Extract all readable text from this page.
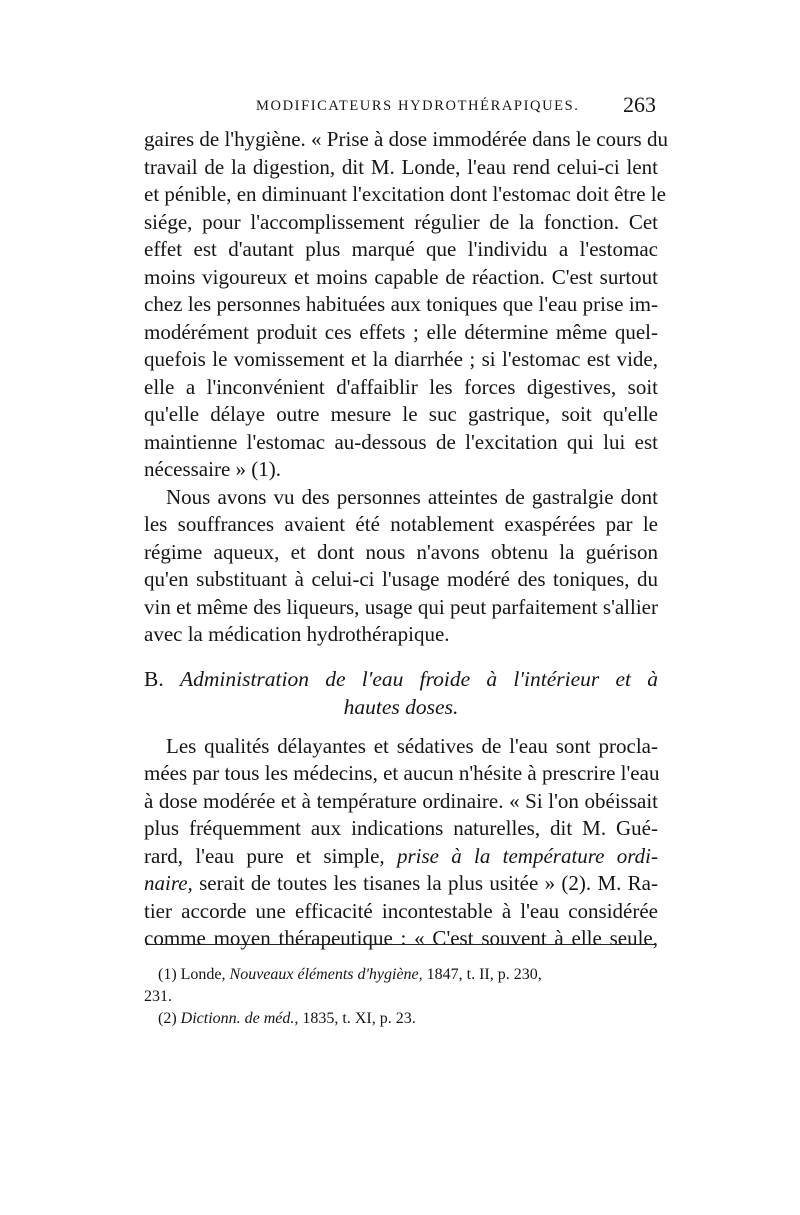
MODIFICATEURS HYDROTHÉRAPIQUES. 263
gaires de l'hygiène. « Prise à dose immodérée dans le cours du
travail de la digestion, dit M. Londe, l'eau rend celui-ci lent
et pénible, en diminuant l'excitation dont l'estomac doit être le
siége, pour l'accomplissement régulier de la fonction. Cet
effet est d'autant plus marqué que l'individu a l'estomac
moins vigoureux et moins capable de réaction. C'est surtout
chez les personnes habituées aux toniques que l'eau prise im-
modérément produit ces effets ; elle détermine même quel-
quefois le vomissement et la diarrhée ; si l'estomac est vide,
elle a l'inconvénient d'affaiblir les forces digestives, soit
qu'elle délaye outre mesure le suc gastrique, soit qu'elle
maintienne l'estomac au-dessous de l'excitation qui lui est
nécessaire » (1).
Nous avons vu des personnes atteintes de gastralgie dont
les souffrances avaient été notablement exaspérées par le
régime aqueux, et dont nous n'avons obtenu la guérison
qu'en substituant à celui-ci l'usage modéré des toniques, du
vin et même des liqueurs, usage qui peut parfaitement s'allier
avec la médication hydrothérapique.
B. Administration de l'eau froide à l'intérieur et à
hautes doses.
Les qualités délayantes et sédatives de l'eau sont procla-
mées par tous les médecins, et aucun n'hésite à prescrire l'eau
à dose modérée et à température ordinaire. « Si l'on obéissait
plus fréquemment aux indications naturelles, dit M. Gué-
rard, l'eau pure et simple, prise à la température ordi-
naire, serait de toutes les tisanes la plus usitée » (2). M. Ra-
tier accorde une efficacité incontestable à l'eau considérée
comme moyen thérapeutique : « C'est souvent à elle seule,
(1) Londe, Nouveaux éléments d'hygiène, 1847, t. II, p. 230,
231.
(2) Dictionn. de méd., 1835, t. XI, p. 23.
